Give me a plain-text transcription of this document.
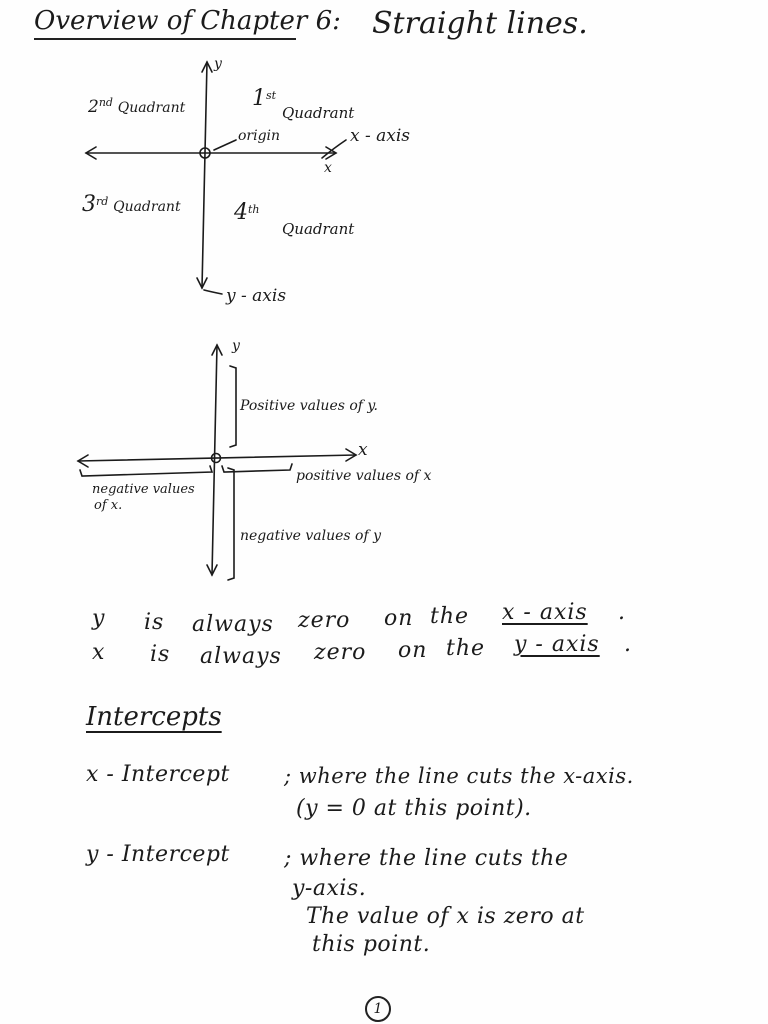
Overview of Chapter 6: Straight lines.
y
x
2nd Quadrant	1st
Quadrant
3rd Quadrant 4th
Quadrant
origin	x - axis
y - axis
y
x
Positive values of y.
positive values of x
negative values
of x.
negative values of y
y is always zero on the x - axis .
x is always zero on the y - axis .
Intercepts
x - Intercept	; where the line cuts the x-axis.
(y = 0 at this point).
y - Intercept ; where the line cuts the
y-axis.
The value of x is zero at
this point.
1
